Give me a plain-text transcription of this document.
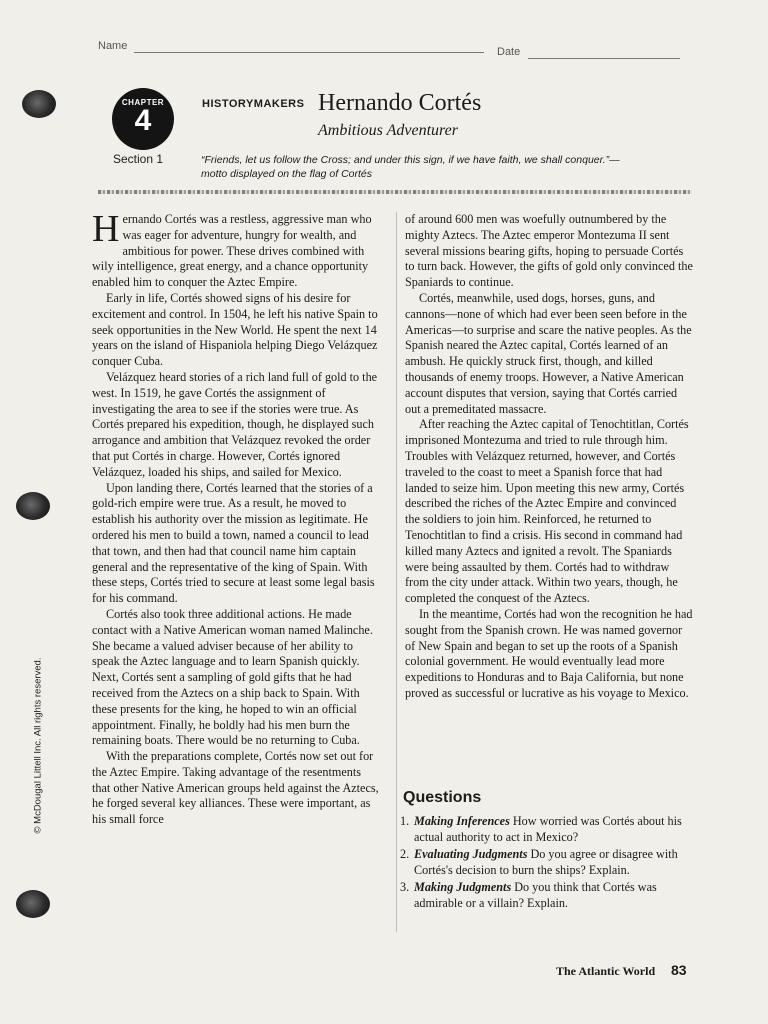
Name	Date
CHAPTER
4
Section 1
HISTORYMAKERS Hernando Cortés
Ambitious Adventurer
“Friends, let us follow the Cross; and under this sign, if we have faith, we shall conquer.”—motto displayed on the flag of Cortés

Hernando Cortés was a restless, aggressive man who was eager for adventure, hungry for wealth, and ambitious for power. These drives combined with wily intelligence, great energy, and a chance opportunity enabled him to conquer the Aztec Empire.

Early in life, Cortés showed signs of his desire for excitement and control. In 1504, he left his native Spain to seek opportunities in the New World. He spent the next 14 years on the island of Hispaniola helping Diego Velázquez conquer Cuba.

Velázquez heard stories of a rich land full of gold to the west. In 1519, he gave Cortés the assignment of investigating the area to see if the stories were true. As Cortés prepared his expedition, though, he displayed such arrogance and ambition that Velázquez revoked the order that put Cortés in charge. However, Cortés ignored Velázquez, loaded his ships, and sailed for Mexico.

Upon landing there, Cortés learned that the stories of a gold-rich empire were true. As a result, he moved to establish his authority over the mission as legitimate. He ordered his men to build a town, named a council to lead that town, and then had that council name him captain general and the representative of the king of Spain. With these steps, Cortés tried to secure at least some legal basis for his command.

Cortés also took three additional actions. He made contact with a Native American woman named Malinche. She became a valued adviser because of her ability to speak the Aztec language and to learn Spanish quickly. Next, Cortés sent a sampling of gold gifts that he had received from the Aztecs on a ship back to Spain. With these presents for the king, he hoped to win an official appointment. Finally, he boldly had his men burn the remaining boats. There would be no returning to Cuba.

With the preparations complete, Cortés now set out for the Aztec Empire. Taking advantage of the resentments that other Native American groups held against the Aztecs, he forged several key alliances. These were important, as his small force

of around 600 men was woefully outnumbered by the mighty Aztecs. The Aztec emperor Montezuma II sent several missions bearing gifts, hoping to persuade Cortés to turn back. However, the gifts of gold only convinced the Spaniards to continue.

Cortés, meanwhile, used dogs, horses, guns, and cannons—none of which had ever been seen before in the Americas—to surprise and scare the native peoples. As the Spanish neared the Aztec capital, Cortés learned of an ambush. He quickly struck first, though, and killed thousands of enemy troops. However, a Native American account disputes that version, saying that Cortés carried out a premeditated massacre.

After reaching the Aztec capital of Tenochtitlan, Cortés imprisoned Montezuma and tried to rule through him. Troubles with Velázquez returned, however, and Cortés traveled to the coast to meet a Spanish force that had landed to seize him. Upon meeting this new army, Cortés described the riches of the Aztec Empire and convinced the soldiers to join him. Reinforced, he returned to Tenochtitlan to find a crisis. His second in command had killed many Aztecs and ignited a revolt. The Spaniards were being assaulted by them. Cortés had to withdraw from the city under attack. Within two years, though, he completed the conquest of the Aztecs.

In the meantime, Cortés had won the recognition he had sought from the Spanish crown. He was named governor of New Spain and began to set up the roots of a Spanish colonial government. He would eventually lead more expeditions to Honduras and to Baja California, but none proved as successful or lucrative as his voyage to Mexico.

Questions
1. Making Inferences How worried was Cortés about his actual authority to act in Mexico?
2. Evaluating Judgments Do you agree or disagree with Cortés's decision to burn the ships? Explain.
3. Making Judgments Do you think that Cortés was admirable or a villain? Explain.
© McDougal Littell Inc. All rights reserved.
The Atlantic World 83
